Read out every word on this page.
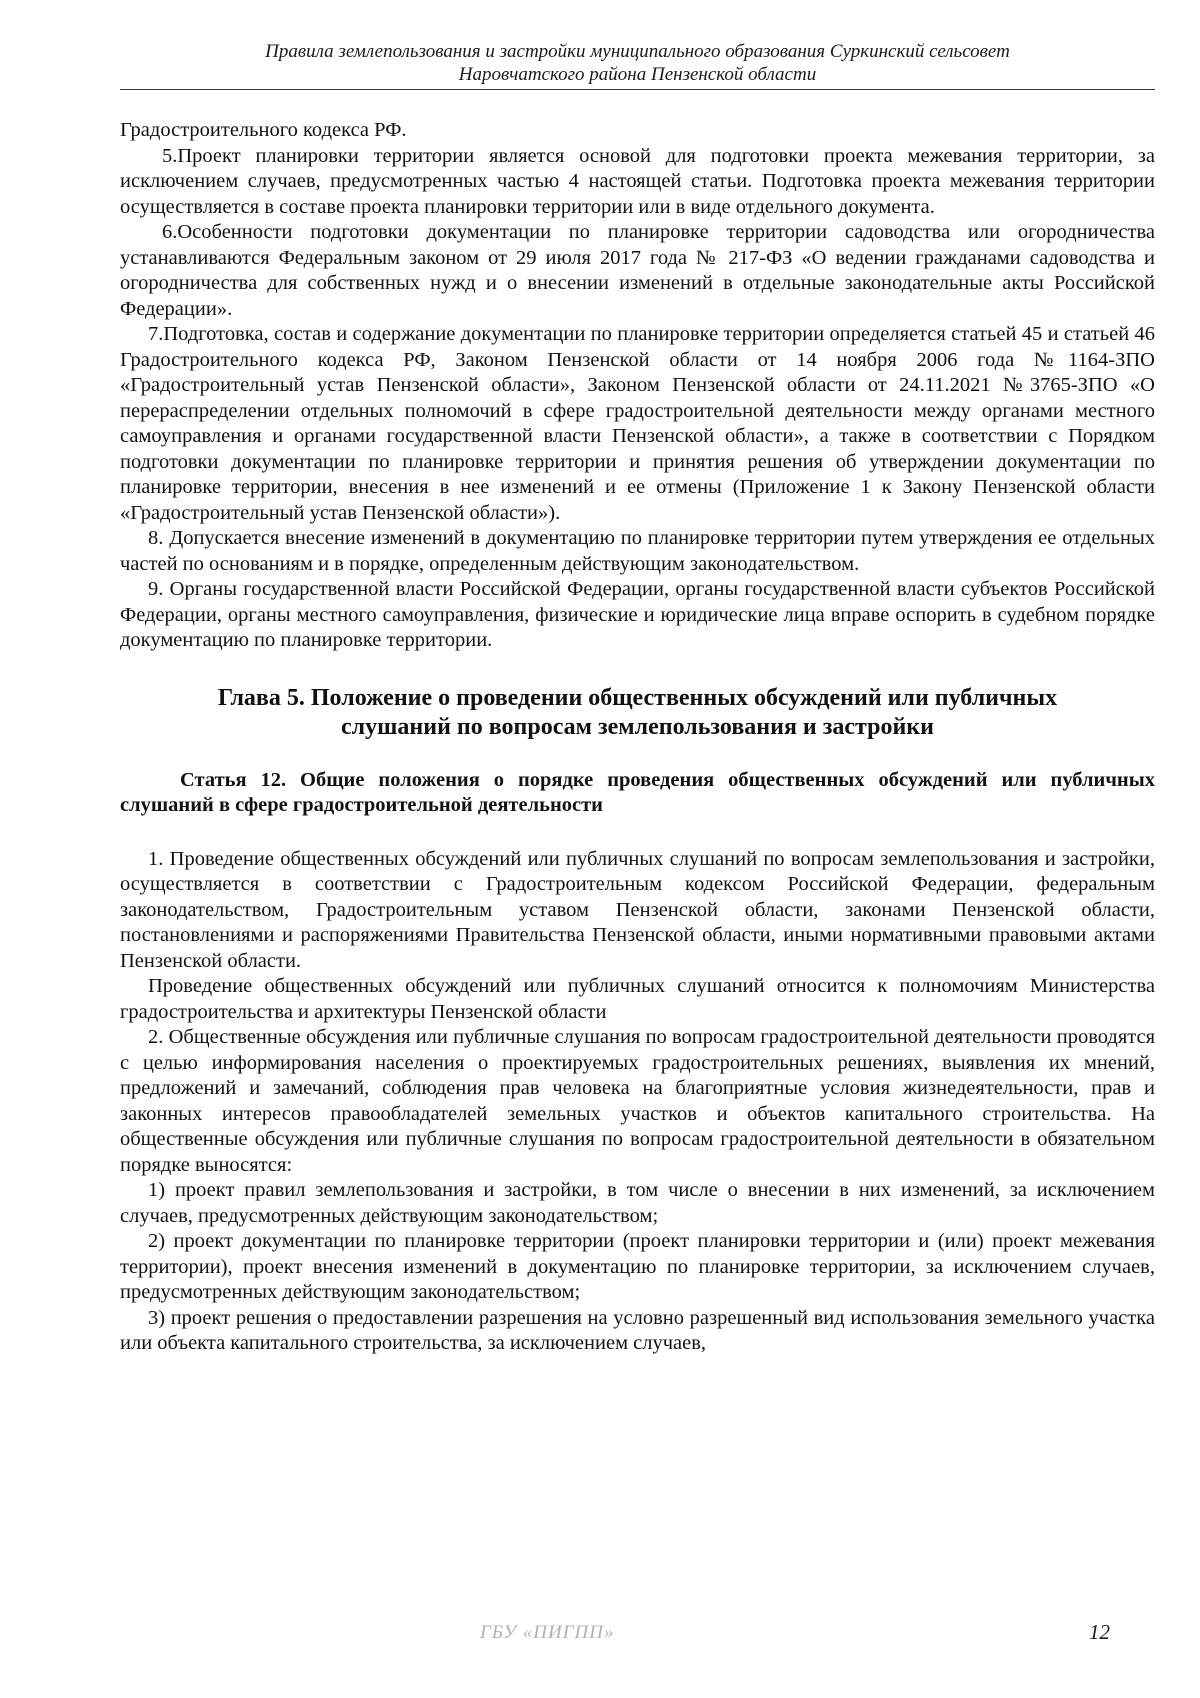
Правила землепользования и застройки муниципального образования Суркинский сельсовет
Наровчатского района Пензенской области

Градостроительного кодекса РФ.

5.Проект планировки территории является основой для подготовки проекта межевания территории, за исключением случаев, предусмотренных частью 4 настоящей статьи. Подготовка проекта межевания территории осуществляется в составе проекта планировки территории или в виде отдельного документа.

6.Особенности подготовки документации по планировке территории садоводства или огородничества устанавливаются Федеральным законом от 29 июля 2017 года № 217-ФЗ «О ведении гражданами садоводства и огородничества для собственных нужд и о внесении изменений в отдельные законодательные акты Российской Федерации».

7.Подготовка, состав и содержание документации по планировке территории определяется статьей 45 и статьей 46 Градостроительного кодекса РФ, Законом Пензенской области от 14 ноября 2006 года №1164-ЗПО «Градостроительный устав Пензенской области», Законом Пензенской области от 24.11.2021 №3765-ЗПО «О перераспределении отдельных полномочий в сфере градостроительной деятельности между органами местного самоуправления и органами государственной власти Пензенской области», а также в соответствии с Порядком подготовки документации по планировке территории и принятия решения об утверждении документации по планировке территории, внесения в нее изменений и ее отмены (Приложение 1 к Закону Пензенской области «Градостроительный устав Пензенской области»).

8. Допускается внесение изменений в документацию по планировке территории путем утверждения ее отдельных частей по основаниям и в порядке, определенным действующим законодательством.

9. Органы государственной власти Российской Федерации, органы государственной власти субъектов Российской Федерации, органы местного самоуправления, физические и юридические лица вправе оспорить в судебном порядке документацию по планировке территории.

Глава 5. Положение о проведении общественных обсуждений или публичных слушаний по вопросам землепользования и застройки
Статья 12. Общие положения о порядке проведения общественных обсуждений или публичных слушаний в сфере градостроительной деятельности

1. Проведение общественных обсуждений или публичных слушаний по вопросам землепользования и застройки, осуществляется в соответствии с Градостроительным кодексом Российской Федерации, федеральным законодательством, Градостроительным уставом Пензенской области, законами Пензенской области, постановлениями и распоряжениями Правительства Пензенской области, иными нормативными правовыми актами Пензенской области.

Проведение общественных обсуждений или публичных слушаний относится к полномочиям Министерства градостроительства и архитектуры Пензенской области

2. Общественные обсуждения или публичные слушания по вопросам градостроительной деятельности проводятся с целью информирования населения о проектируемых градостроительных решениях, выявления их мнений, предложений и замечаний, соблюдения прав человека на благоприятные условия жизнедеятельности, прав и законных интересов правообладателей земельных участков и объектов капитального строительства. На общественные обсуждения или публичные слушания по вопросам градостроительной деятельности в обязательном порядке выносятся:

1) проект правил землепользования и застройки, в том числе о внесении в них изменений, за исключением случаев, предусмотренных действующим законодательством;

2) проект документации по планировке территории (проект планировки территории и (или) проект межевания территории), проект внесения изменений в документацию по планировке территории, за исключением случаев, предусмотренных действующим законодательством;

3) проект решения о предоставлении разрешения на условно разрешенный вид использования земельного участка или объекта капитального строительства, за исключением случаев,

ГБУ «ПИГПП»	12
